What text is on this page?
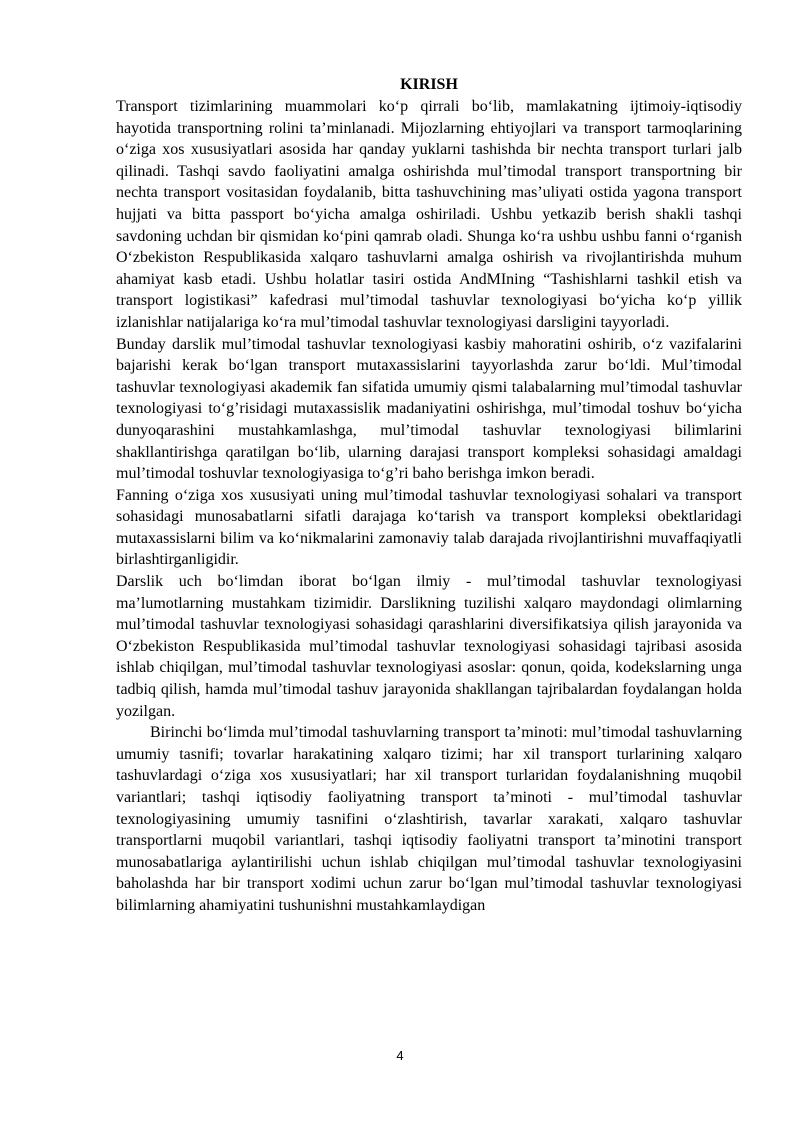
KIRISH

Transport tizimlarining muammolari ko‘p qirrali bo‘lib, mamlakatning ijtimoiy-iqtisodiy hayotida transportning rolini ta’minlanadi. Mijozlarning ehtiyojlari va transport tarmoqlarining o‘ziga xos xususiyatlari asosida har qanday yuklarni tashishda bir nechta transport turlari jalb qilinadi. Tashqi savdo faoliyatini amalga oshirishda mul’timodal transport transportning bir nechta transport vositasidan foydalanib, bitta tashuvchining mas’uliyati ostida yagona transport hujjati va bitta passport bo‘yicha amalga oshiriladi. Ushbu yetkazib berish shakli tashqi savdoning uchdan bir qismidan ko‘pini qamrab oladi. Shunga ko‘ra ushbu ushbu fanni o‘rganish O‘zbekiston Respublikasida xalqaro tashuvlarni amalga oshirish va rivojlantirishda muhum ahamiyat kasb etadi. Ushbu holatlar tasiri ostida AndMIning “Tashishlarni tashkil etish va transport logistikasi” kafedrasi mul’timodal tashuvlar texnologiyasi bo‘yicha ko‘p yillik izlanishlar natijalariga ko‘ra mul’timodal tashuvlar texnologiyasi darsligini tayyorladi.

Bunday darslik mul’timodal tashuvlar texnologiyasi kasbiy mahoratini oshirib, o‘z vazifalarini bajarishi kerak bo‘lgan transport mutaxassislarini tayyorlashda zarur bo‘ldi. Mul’timodal tashuvlar texnologiyasi akademik fan sifatida umumiy qismi talabalarning mul’timodal tashuvlar texnologiyasi to‘g’risidagi mutaxassislik madaniyatini oshirishga, mul’timodal toshuv bo‘yicha dunyoqarashini mustahkamlashga, mul’timodal tashuvlar texnologiyasi bilimlarini shakllantirishga qaratilgan bo‘lib, ularning darajasi transport kompleksi sohasidagi amaldagi mul’timodal toshuvlar texnologiyasiga to‘g’ri baho berishga imkon beradi.

Fanning o‘ziga xos xususiyati uning mul’timodal tashuvlar texnologiyasi sohalari va transport sohasidagi munosabatlarni sifatli darajaga ko‘tarish va transport kompleksi obektlaridagi mutaxassislarni bilim va ko‘nikmalarini zamonaviy talab darajada rivojlantirishni muvaffaqiyatli birlashtirganligidir.

Darslik uch bo‘limdan iborat bo‘lgan ilmiy - mul’timodal tashuvlar texnologiyasi ma’lumotlarning mustahkam tizimidir. Darslikning tuzilishi xalqaro maydondagi olimlarning mul’timodal tashuvlar texnologiyasi sohasidagi qarashlarini diversifikatsiya qilish jarayonida va O‘zbekiston Respublikasida mul’timodal tashuvlar texnologiyasi sohasidagi tajribasi asosida ishlab chiqilgan, mul’timodal tashuvlar texnologiyasi asoslar: qonun, qoida, kodekslarning unga tadbiq qilish, hamda mul’timodal tashuv jarayonida shakllangan tajribalardan foydalangan holda yozilgan.

Birinchi bo‘limda mul’timodal tashuvlarning transport ta’minoti: mul’timodal tashuvlarning umumiy tasnifi; tovarlar harakatining xalqaro tizimi; har xil transport turlarining xalqaro tashuvlardagi o‘ziga xos xususiyatlari; har xil transport turlaridan foydalanishning muqobil variantlari; tashqi iqtisodiy faoliyatning transport ta’minoti - mul’timodal tashuvlar texnologiyasining umumiy tasnifini o‘zlashtirish, tavarlar xarakati, xalqaro tashuvlar transportlarni muqobil variantlari, tashqi iqtisodiy faoliyatni transport ta’minotini transport munosabatlariga aylantirilishi uchun ishlab chiqilgan mul’timodal tashuvlar texnologiyasini baholashda har bir transport xodimi uchun zarur bo‘lgan mul’timodal tashuvlar texnologiyasi bilimlarning ahamiyatini tushunishni mustahkamlaydigan

4
